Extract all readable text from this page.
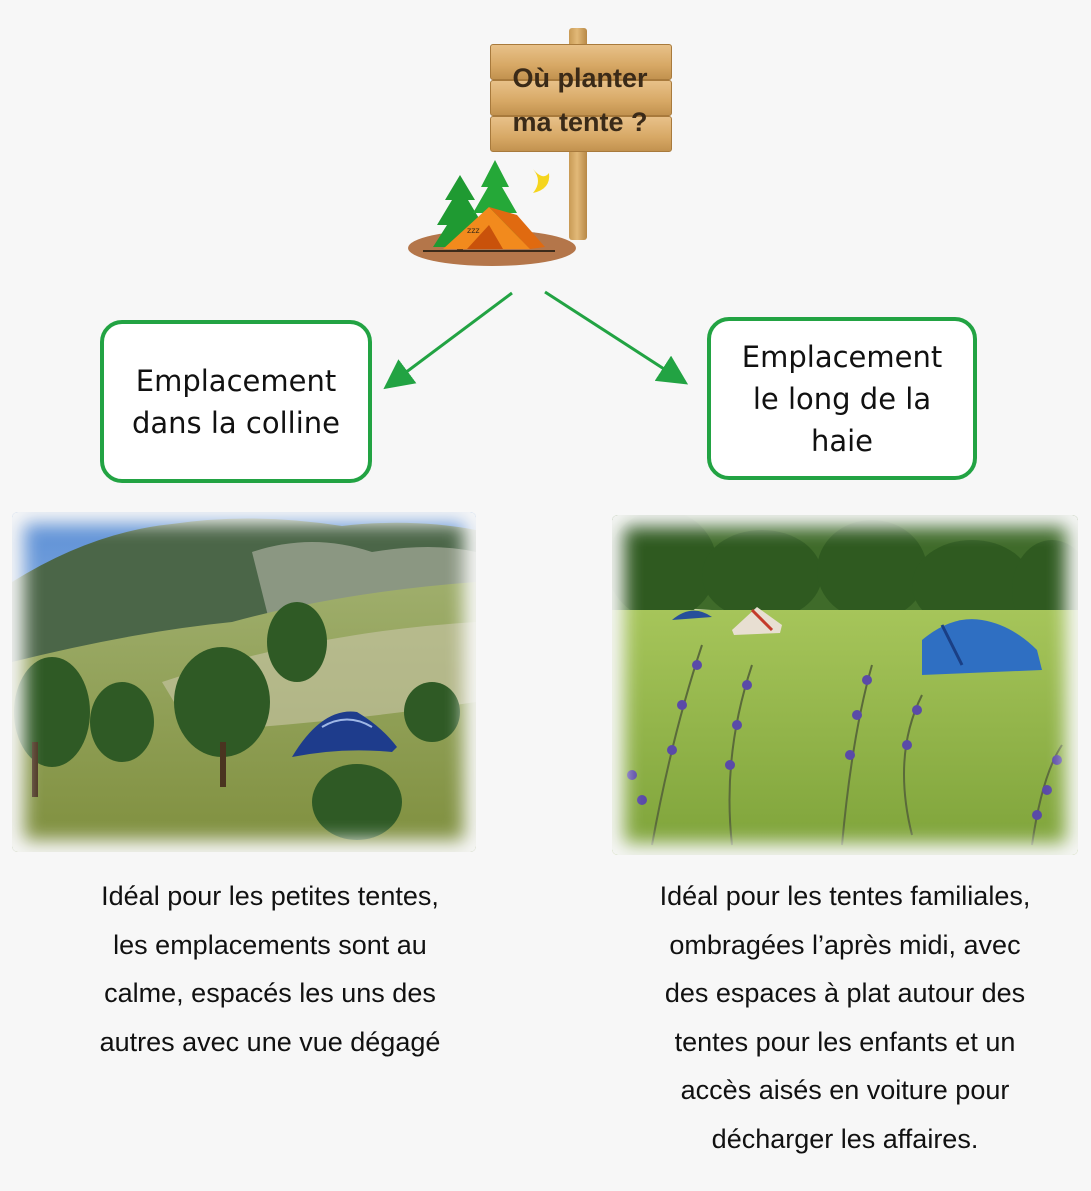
Où planter
ma tente ?
zzz
Emplacement
dans la colline
Emplacement
le long de la
haie
Idéal pour les petites tentes,
les emplacements sont au
calme, espacés les uns des
autres avec une vue dégagé
Idéal pour les tentes familiales,
ombragées l’après midi, avec
des espaces à plat autour des
tentes pour les enfants et un
accès aisés en voiture pour
décharger les affaires.
